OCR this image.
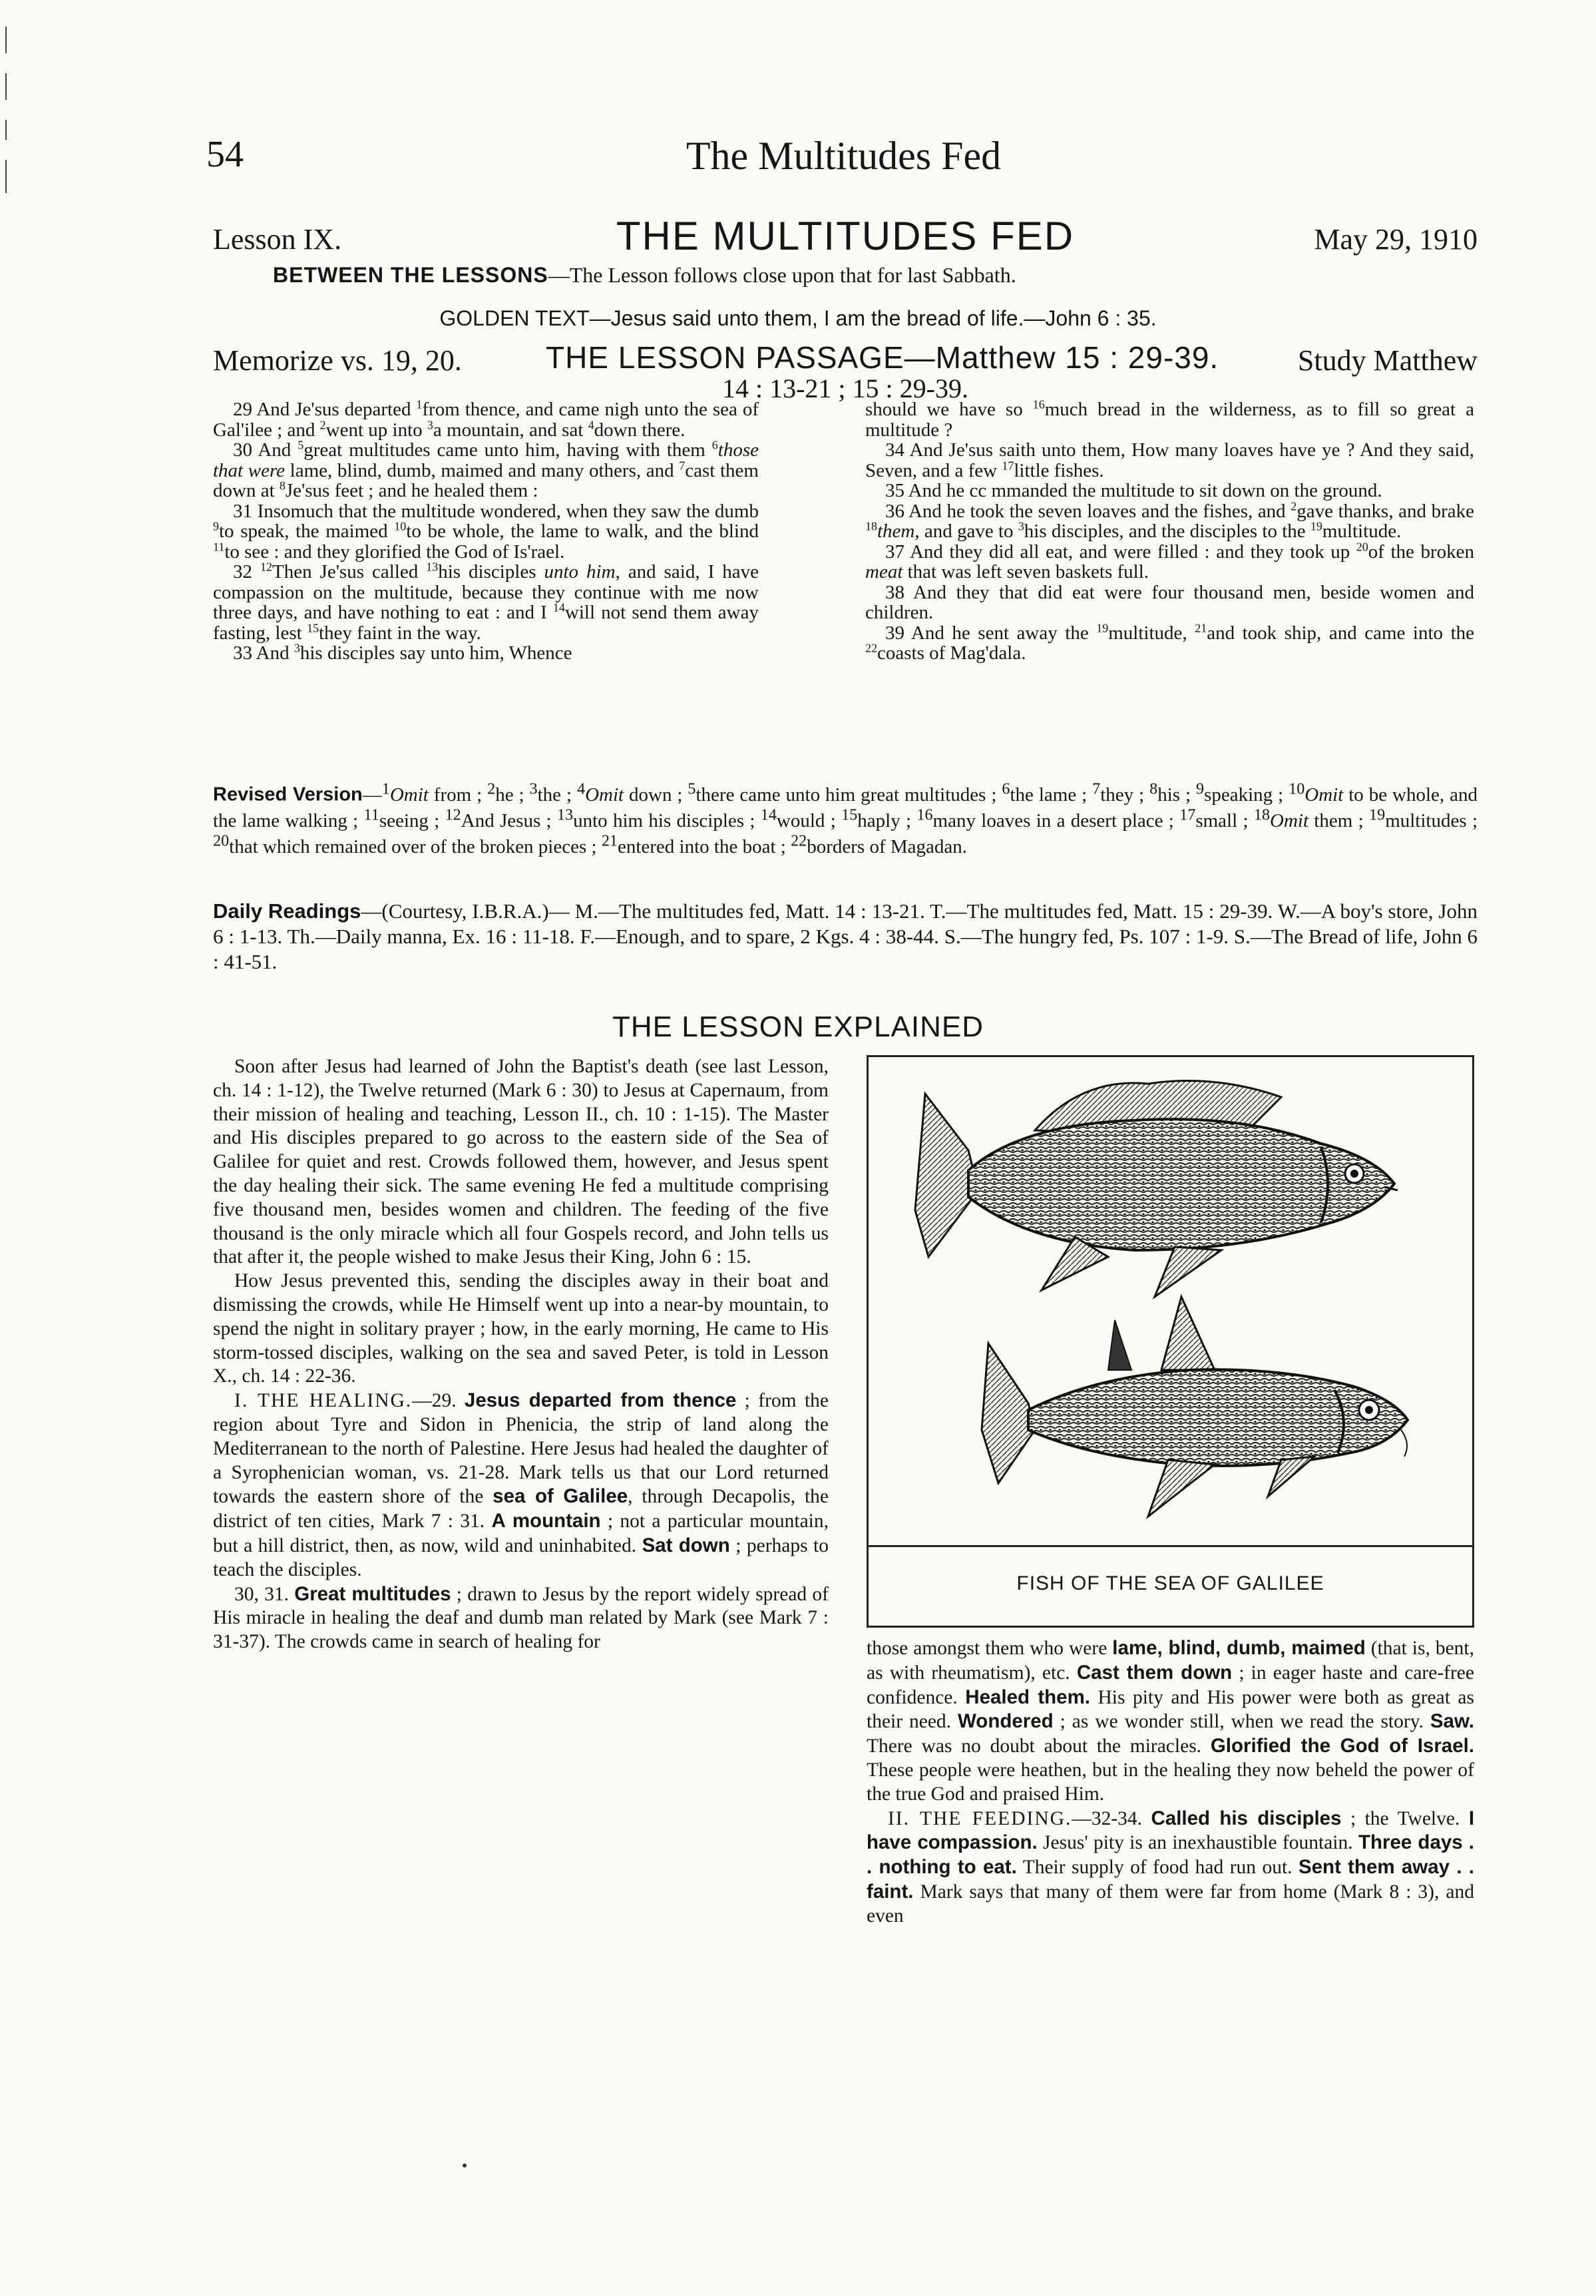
54	The Multitudes Fed
Lesson IX.	THE MULTITUDES FED	May 29, 1910
BETWEEN THE LESSONS—The Lesson follows close upon that for last Sabbath.
GOLDEN TEXT—Jesus said unto them, I am the bread of life.—John 6 : 35.
Memorize vs. 19, 20.	THE LESSON PASSAGE—Matthew 15 : 29-39.	Study Matthew
14 : 13-21 ; 15 : 29-39.

29 And Je'sus departed $^1$from thence, and came nigh unto the sea of Gal'ilee ; and $^2$went up into $^3$a mountain, and sat $^4$down there.

30 And $^5$great multitudes came unto him, having with them $^6$those that were lame, blind, dumb, maimed and many others, and $^7$cast them down at $^8$Je'sus feet ; and he healed them :

31 Insomuch that the multitude wondered, when they saw the dumb $^9$to speak, the maimed $^{10}$to be whole, the lame to walk, and the blind $^{11}$to see : and they glorified the God of Is'rael.

32 $^{12}$Then Je'sus called $^{13}$his disciples unto him, and said, I have compassion on the multitude, because they continue with me now three days, and have nothing to eat : and I $^{14}$will not send them away fasting, lest $^{15}$they faint in the way.

33 And $^3$his disciples say unto him, Whence

should we have so $^{16}$much bread in the wilderness, as to fill so great a multitude ?

34 And Je'sus saith unto them, How many loaves have ye ? And they said, Seven, and a few $^{17}$little fishes.

35 And he cc mmanded the multitude to sit down on the ground.

36 And he took the seven loaves and the fishes, and $^2$gave thanks, and brake $^{18}$them, and gave to $^3$his disciples, and the disciples to the $^{19}$multitude.

37 And they did all eat, and were filled : and they took up $^{20}$of the broken meat that was left seven baskets full.

38 And they that did eat were four thousand men, beside women and children.

39 And he sent away the $^{19}$multitude, $^{21}$and took ship, and came into the $^{22}$coasts of Mag'dala.

Revised Version—$^1$Omit from ; $^2$he ; $^3$the ; $^4$Omit down ; $^5$there came unto him great multitudes ; $^6$the lame ; $^7$they ; $^8$his ; $^9$speaking ; $^{10}$Omit to be whole, and the lame walking ; $^{11}$seeing ; $^{12}$And Jesus ; $^{13}$unto him his disciples ; $^{14}$would ; $^{15}$haply ; $^{16}$many loaves in a desert place ; $^{17}$small ; $^{18}$Omit them ; $^{19}$multitudes ; $^{20}$that which remained over of the broken pieces ; $^{21}$entered into the boat ; $^{22}$borders of Magadan.
Daily Readings—(Courtesy, I.B.R.A.)— M.—The multitudes fed, Matt. 14 : 13-21. T.—The multitudes fed, Matt. 15 : 29-39. W.—A boy's store, John 6 : 1-13. Th.—Daily manna, Ex. 16 : 11-18. F.—Enough, and to spare, 2 Kgs. 4 : 38-44. S.—The hungry fed, Ps. 107 : 1-9. S.—The Bread of life, John 6 : 41-51.
THE LESSON EXPLAINED

Soon after Jesus had learned of John the Baptist's death (see last Lesson, ch. 14 : 1-12), the Twelve returned (Mark 6 : 30) to Jesus at Capernaum, from their mission of healing and teaching, Lesson II., ch. 10 : 1-15). The Master and His disciples prepared to go across to the eastern side of the Sea of Galilee for quiet and rest. Crowds followed them, however, and Jesus spent the day healing their sick. The same evening He fed a multitude comprising five thousand men, besides women and children. The feeding of the five thousand is the only miracle which all four Gospels record, and John tells us that after it, the people wished to make Jesus their King, John 6 : 15.

How Jesus prevented this, sending the disciples away in their boat and dismissing the crowds, while He Himself went up into a near-by mountain, to spend the night in solitary prayer ; how, in the early morning, He came to His storm-tossed disciples, walking on the sea and saved Peter, is told in Lesson X., ch. 14 : 22-36.

I. THE HEALING.—29. Jesus departed from thence ; from the region about Tyre and Sidon in Phenicia, the strip of land along the Mediterranean to the north of Palestine. Here Jesus had healed the daughter of a Syrophenician woman, vs. 21-28. Mark tells us that our Lord returned towards the eastern shore of the sea of Galilee, through Decapolis, the district of ten cities, Mark 7 : 31. A mountain ; not a particular mountain, but a hill district, then, as now, wild and uninhabited. Sat down ; perhaps to teach the disciples.

30, 31. Great multitudes ; drawn to Jesus by the report widely spread of His miracle in healing the deaf and dumb man related by Mark (see Mark 7 : 31-37). The crowds came in search of healing for

FISH OF THE SEA OF GALILEE

those amongst them who were lame, blind, dumb, maimed (that is, bent, as with rheumatism), etc. Cast them down ; in eager haste and care-free confidence. Healed them. His pity and His power were both as great as their need. Wondered ; as we wonder still, when we read the story. Saw. There was no doubt about the miracles. Glorified the God of Israel. These people were heathen, but in the healing they now beheld the power of the true God and praised Him.

II. THE FEEDING.—32-34. Called his disciples ; the Twelve. I have compassion. Jesus' pity is an inexhaustible fountain. Three days . . nothing to eat. Their supply of food had run out. Sent them away . . faint. Mark says that many of them were far from home (Mark 8 : 3), and even
